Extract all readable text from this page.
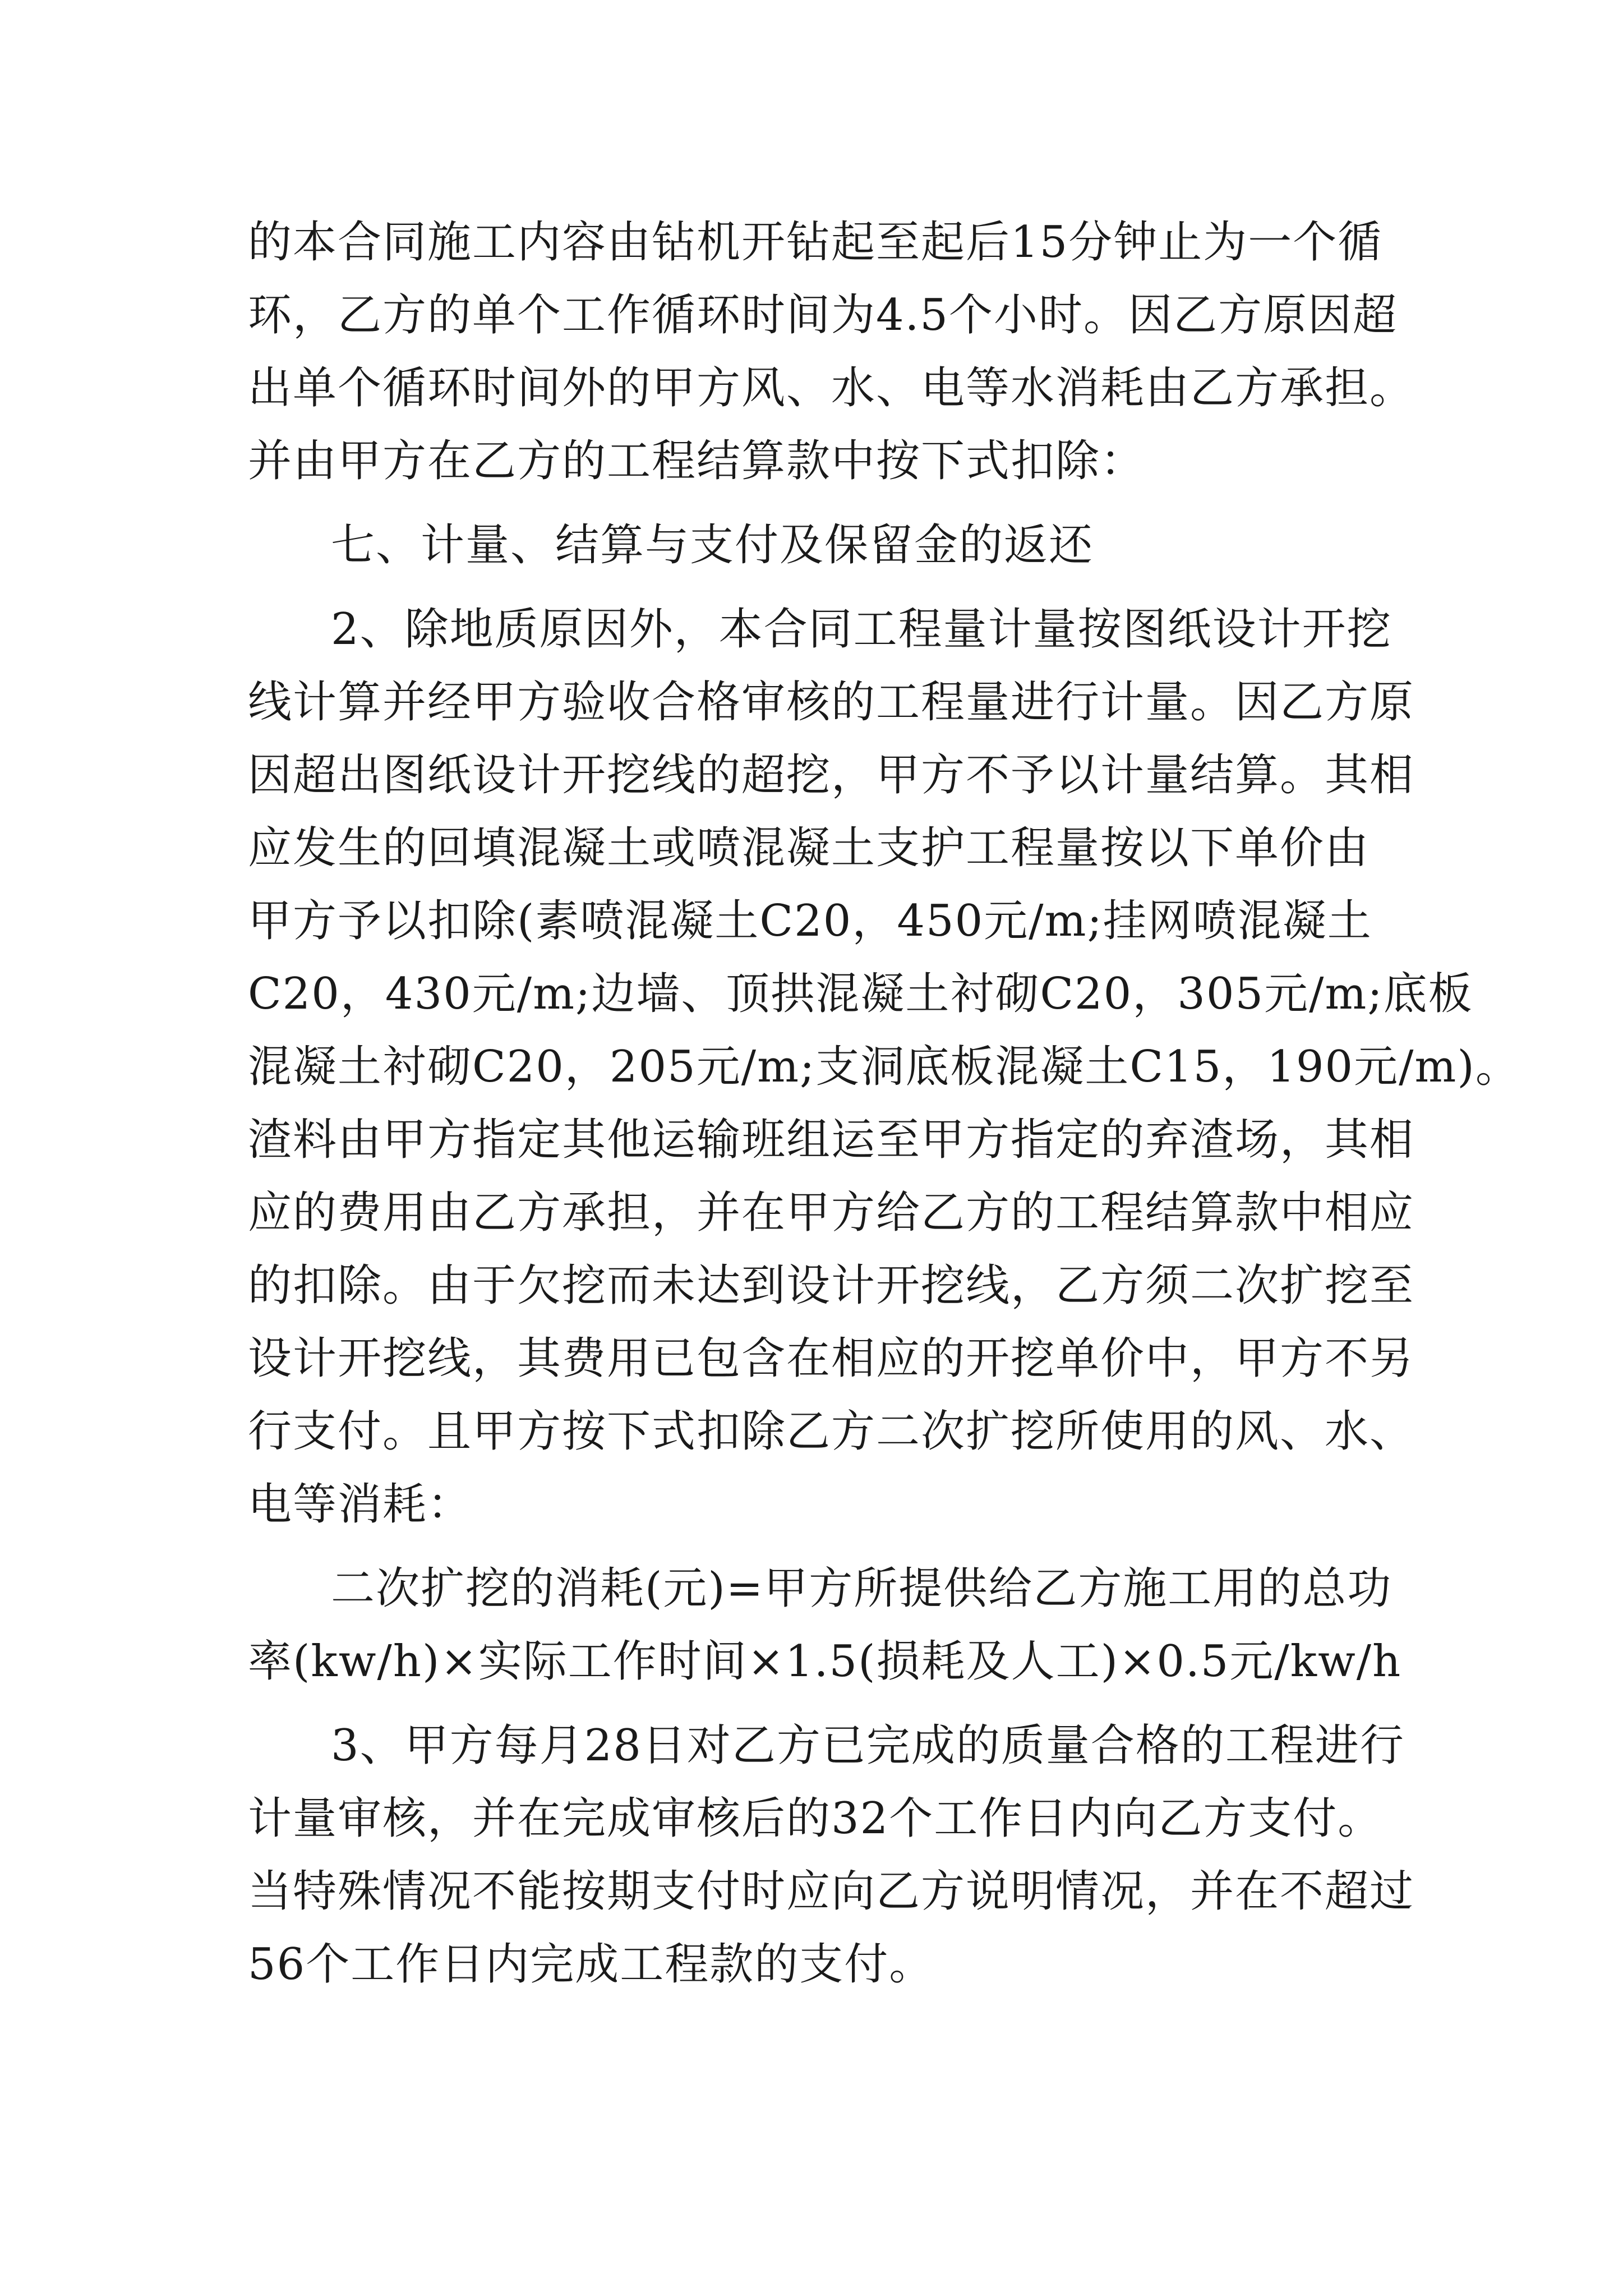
的本合同施工内容由钻机开钻起至起后15分钟止为一个循

环，乙方的单个工作循环时间为4.5个小时。因乙方原因超

出单个循环时间外的甲方风、水、电等水消耗由乙方承担。

并由甲方在乙方的工程结算款中按下式扣除：

七、计量、结算与支付及保留金的返还

2、除地质原因外，本合同工程量计量按图纸设计开挖

线计算并经甲方验收合格审核的工程量进行计量。因乙方原

因超出图纸设计开挖线的超挖，甲方不予以计量结算。其相

应发生的回填混凝土或喷混凝土支护工程量按以下单价由

甲方予以扣除(素喷混凝土C20，450元/m;挂网喷混凝土

C20，430元/m;边墙、顶拱混凝土衬砌C20，305元/m;底板

混凝土衬砌C20，205元/m;支洞底板混凝土C15，190元/m)。

渣料由甲方指定其他运输班组运至甲方指定的弃渣场，其相

应的费用由乙方承担，并在甲方给乙方的工程结算款中相应

的扣除。由于欠挖而未达到设计开挖线，乙方须二次扩挖至

设计开挖线，其费用已包含在相应的开挖单价中，甲方不另

行支付。且甲方按下式扣除乙方二次扩挖所使用的风、水、

电等消耗：

二次扩挖的消耗(元)=甲方所提供给乙方施工用的总功

率(kw/h)×实际工作时间×1.5(损耗及人工)×0.5元/kw/h

3、甲方每月28日对乙方已完成的质量合格的工程进行

计量审核，并在完成审核后的32个工作日内向乙方支付。

当特殊情况不能按期支付时应向乙方说明情况，并在不超过

56个工作日内完成工程款的支付。
